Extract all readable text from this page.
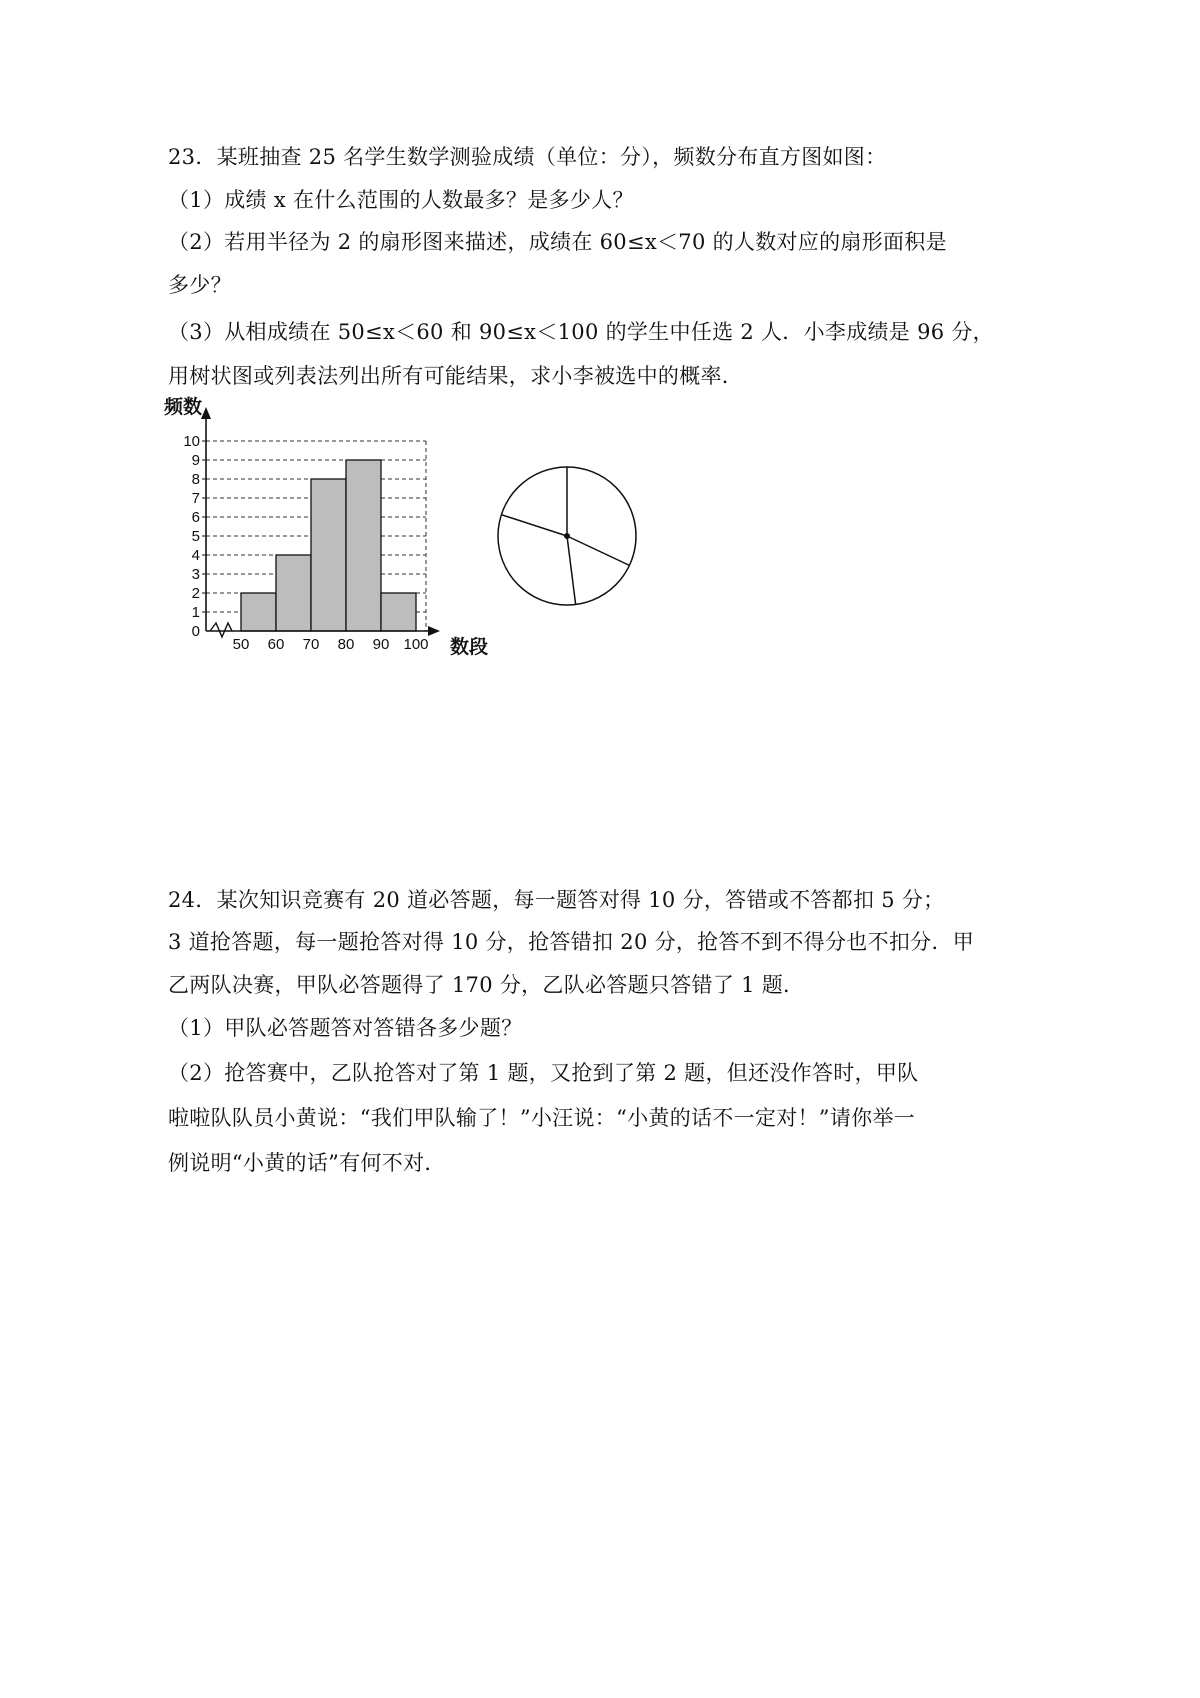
23．某班抽查 25 名学生数学测验成绩（单位：分），频数分布直方图如图：
（1）成绩 x 在什么范围的人数最多？是多少人？
（2）若用半径为 2 的扇形图来描述，成绩在 60≤x＜70 的人数对应的扇形面积是
多少？
（3）从相成绩在 50≤x＜60 和 90≤x＜100 的学生中任选 2 人．小李成绩是 96 分，
用树状图或列表法列出所有可能结果，求小李被选中的概率．
0
1
2
3
4
5
6
7
8
9
10
50 60 70 80 90 100
频数
数段
24．某次知识竞赛有 20 道必答题，每一题答对得 10 分，答错或不答都扣 5 分；
3 道抢答题，每一题抢答对得 10 分，抢答错扣 20 分，抢答不到不得分也不扣分．甲
乙两队决赛，甲队必答题得了 170 分，乙队必答题只答错了 1 题．
（1）甲队必答题答对答错各多少题？
（2）抢答赛中，乙队抢答对了第 1 题，又抢到了第 2 题，但还没作答时，甲队
啦啦队队员小黄说：“我们甲队输了！”小汪说：“小黄的话不一定对！”请你举一
例说明“小黄的话”有何不对．
